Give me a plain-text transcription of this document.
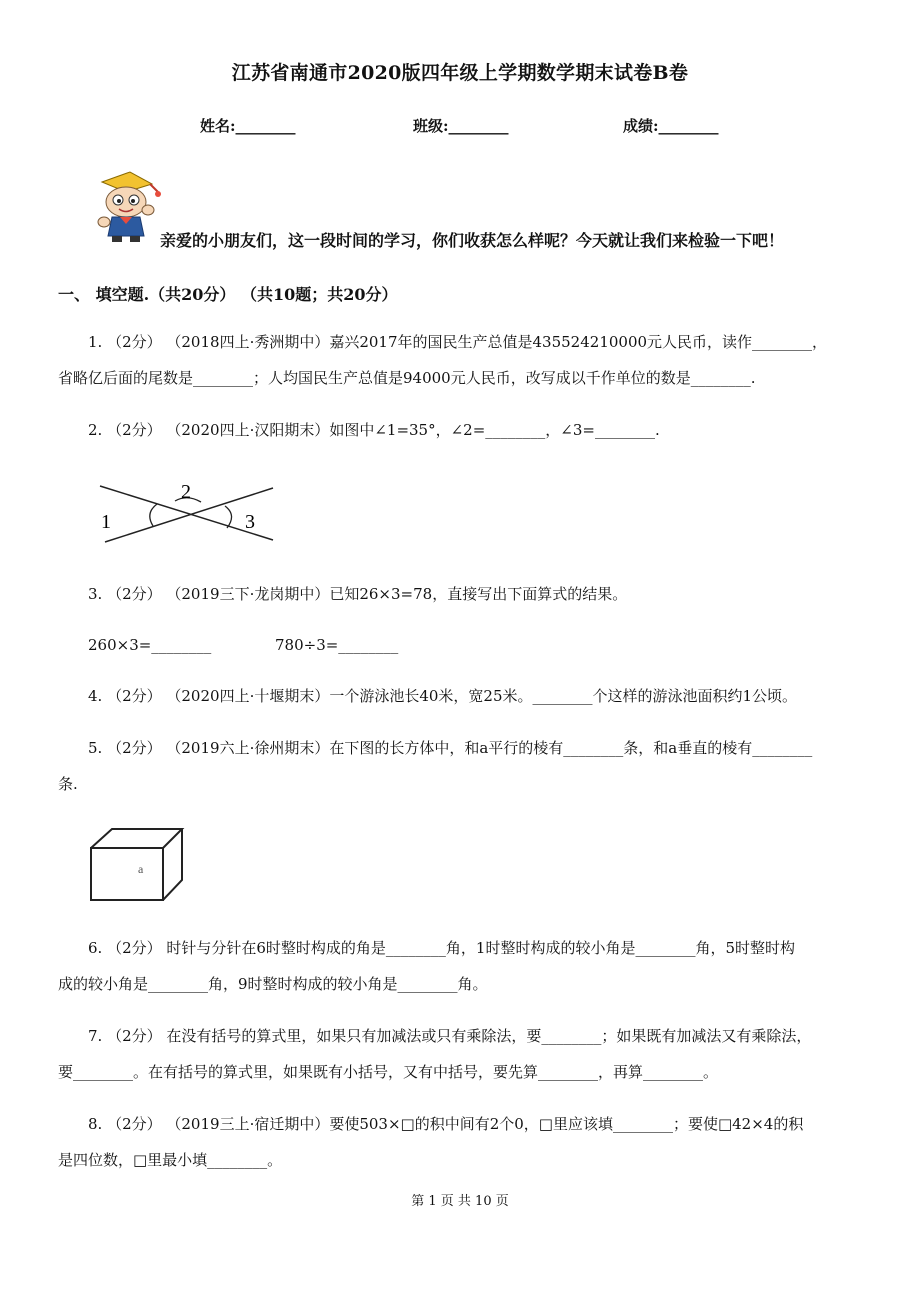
江苏省南通市2020版四年级上学期数学期末试卷B卷
姓名:________	班级:________	成绩:________
亲爱的小朋友们，这一段时间的学习，你们收获怎么样呢？今天就让我们来检验一下吧！
一、 填空题.（共20分） （共10题；共20分）
1. （2分） （2018四上·秀洲期中）嘉兴2017年的国民生产总值是435524210000元人民币，读作________，
省略亿后面的尾数是________；人均国民生产总值是94000元人民币，改写成以千作单位的数是________.
2. （2分） （2020四上·汉阳期末）如图中∠1=35°，∠2=________，∠3=________.
1
2
3
3. （2分） （2019三下·龙岗期中）已知26×3=78，直接写出下面算式的结果。
260×3=________	780÷3=________
4. （2分） （2020四上·十堰期末）一个游泳池长40米，宽25米。________个这样的游泳池面积约1公顷。
5. （2分） （2019六上·徐州期末）在下图的长方体中，和a平行的棱有________条，和a垂直的棱有________
条.
a
6. （2分） 时针与分针在6时整时构成的角是________角，1时整时构成的较小角是________角，5时整时构
成的较小角是________角，9时整时构成的较小角是________角。
7. （2分） 在没有括号的算式里，如果只有加减法或只有乘除法，要________；如果既有加减法又有乘除法，
要________。在有括号的算式里，如果既有小括号，又有中括号，要先算________，再算________。
8. （2分） （2019三上·宿迁期中）要使503×□的积中间有2个0，□里应该填________；要使□42×4的积
是四位数，□里最小填________。
第 1 页 共 10 页
